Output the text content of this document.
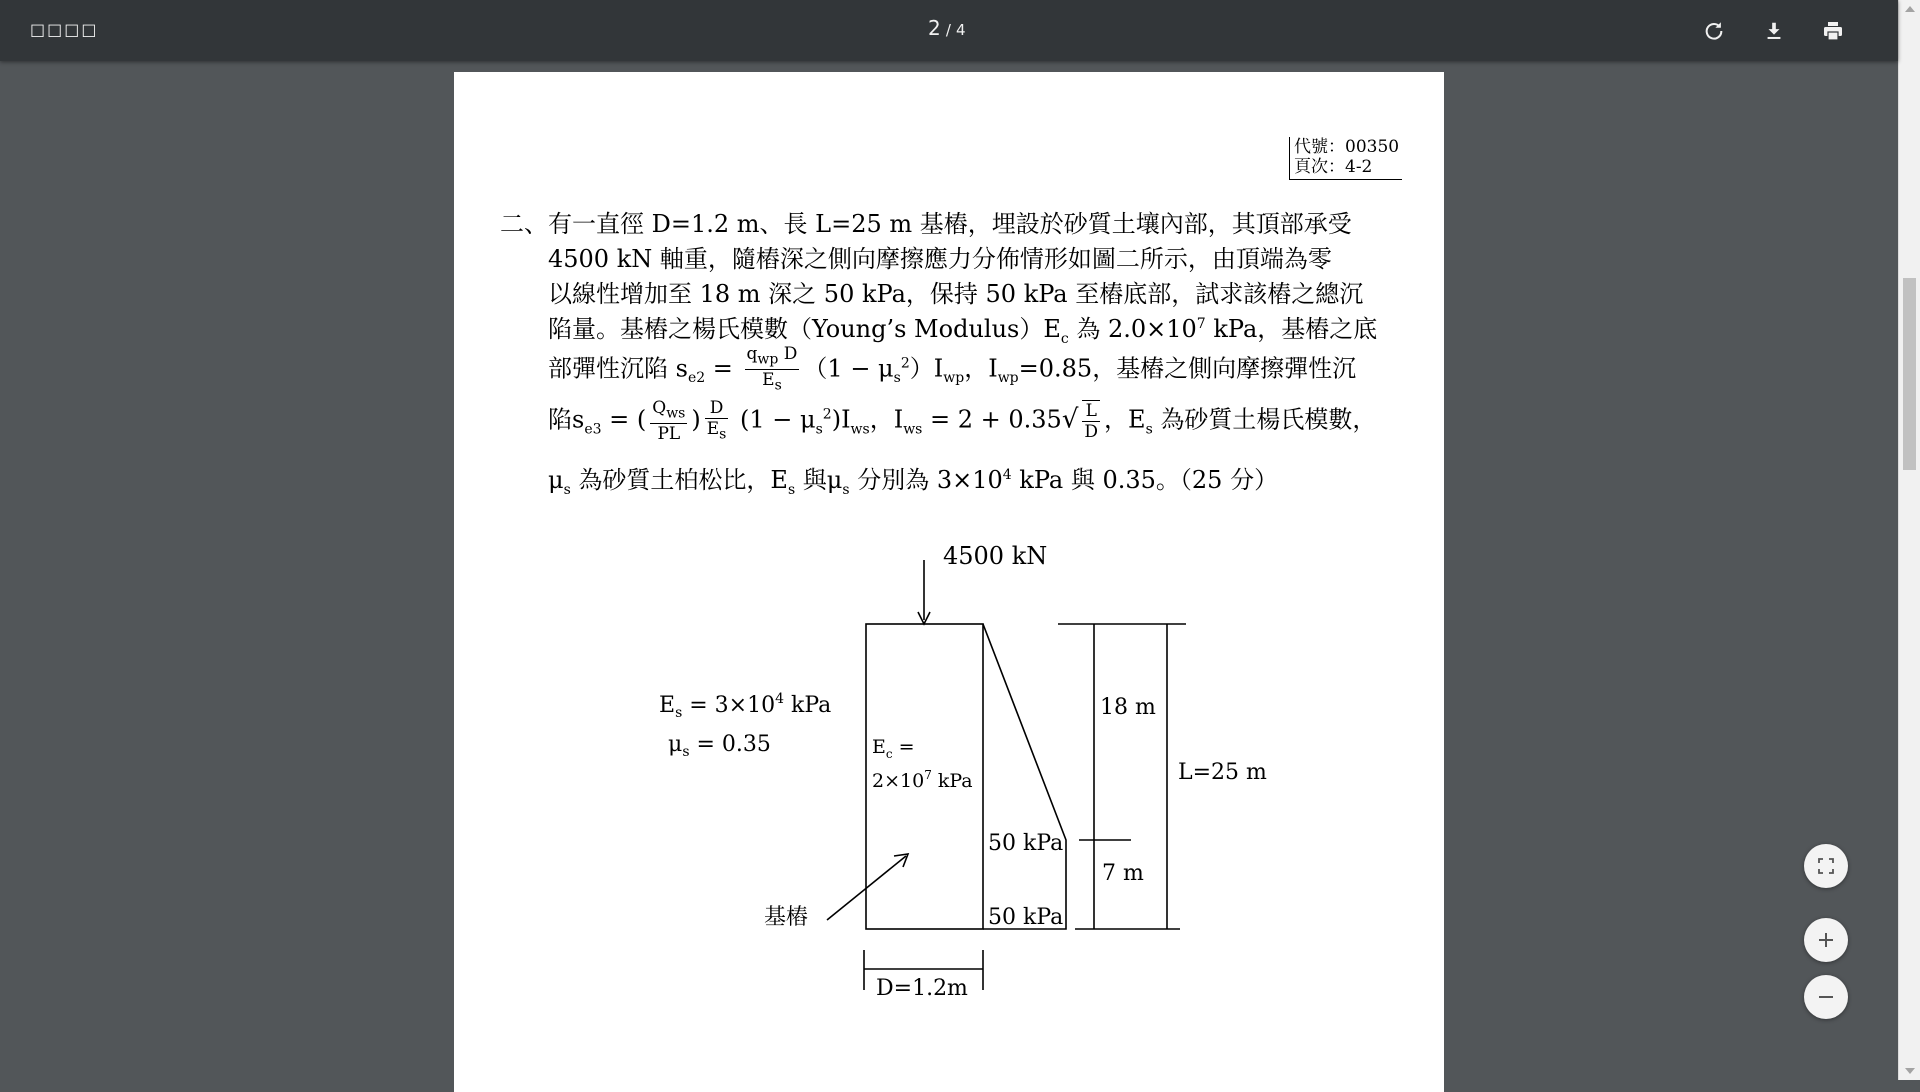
□□□□	2 / 4
代號：00350
頁次：4-2
二、 有一直徑 D=1.2 m、長 L=25 m 基樁，埋設於砂質土壤內部，其頂部承受
4500 kN 軸重，隨樁深之側向摩擦應力分佈情形如圖二所示，由頂端為零
以線性增加至 18 m 深之 50 kPa，保持 50 kPa 至樁底部，試求該樁之總沉
陷量。基樁之楊氏模數（Young’s $Modulus)E_c$ 為 $2.0\times 10^7$ kPa，基樁之底
部彈性沉陷 $s_{e2} = \frac{q_{wp} D}{E_s} (1 - \mu_s^2)I_{wp}$，$I_{wp}=0.85$，基樁之側向摩擦彈性沉
陷$s_{e3}$ = ( $\frac{Q_{ws}}{PL}$ ) $\frac{D}{E_s} (1 - \mu_s^2)I_{ws}$，$I_{ws} = 2 + 0.35√ \frac{L}{D}$ ，$E_s$ 為砂質土楊氏模數，
$\mu_s$ 為砂質土柏松比，$E_s$ 與$\mu_s$ 分別為 $3\times 10^4$ kPa 與 0.35。（25 分）
4500 kN
D=1.2m
基樁
$E_s = 3\times 10^4$ kPa
$\mu_s = 0.35$	$E_c$ =
$2\times 10^7$ kPa
50 kPa
50 kPa
18 m
7 m
L=25 m
